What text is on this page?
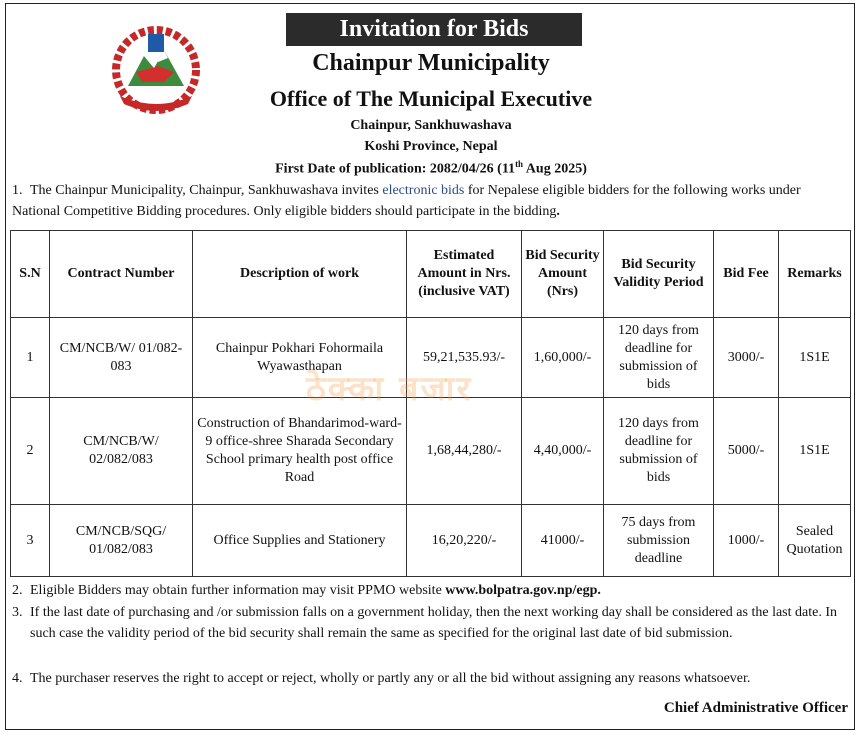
Invitation for Bids
Chainpur Municipality
Office of The Municipal Executive
Chainpur, Sankhuwashava
Koshi Province, Nepal
First Date of publication: 2082/04/26 (11th Aug 2025)
1. The Chainpur Municipality, Chainpur, Sankhuwashava invites electronic bids for Nepalese eligible bidders for the following works under National Competitive Bidding procedures. Only eligible bidders should participate in the bidding.
S.N	Contract Number	Description of work	Estimated Amount in Nrs. (inclusive VAT)	Bid Security Amount (Nrs)	Bid Security Validity Period	Bid Fee	Remarks
1	CM/NCB/W/ 01/082-083	Chainpur Pokhari Fohormaila Wyawasthapan	59,21,535.93/-	1,60,000/-	120 days from deadline for submission of bids	3000/-	1S1E
2	CM/NCB/W/ 02/082/083	Construction of Bhandarimod-ward-9 office-shree Sharada Secondary School primary health post office Road	1,68,44,280/-	4,40,000/-	120 days from deadline for submission of bids	5000/-	1S1E
3	CM/NCB/SQG/ 01/082/083	Office Supplies and Stationery	16,20,220/-	41000/-	75 days from submission deadline	1000/-	Sealed Quotation
ठेक्का बजार
2. Eligible Bidders may obtain further information may visit PPMO website www.bolpatra.gov.np/egp.
3. If the last date of purchasing and /or submission falls on a government holiday, then the next working day shall be considered as the last date. In such case the validity period of the bid security shall remain the same as specified for the original last date of bid submission.
4. The purchaser reserves the right to accept or reject, wholly or partly any or all the bid without assigning any reasons whatsoever.
Chief Administrative Officer
